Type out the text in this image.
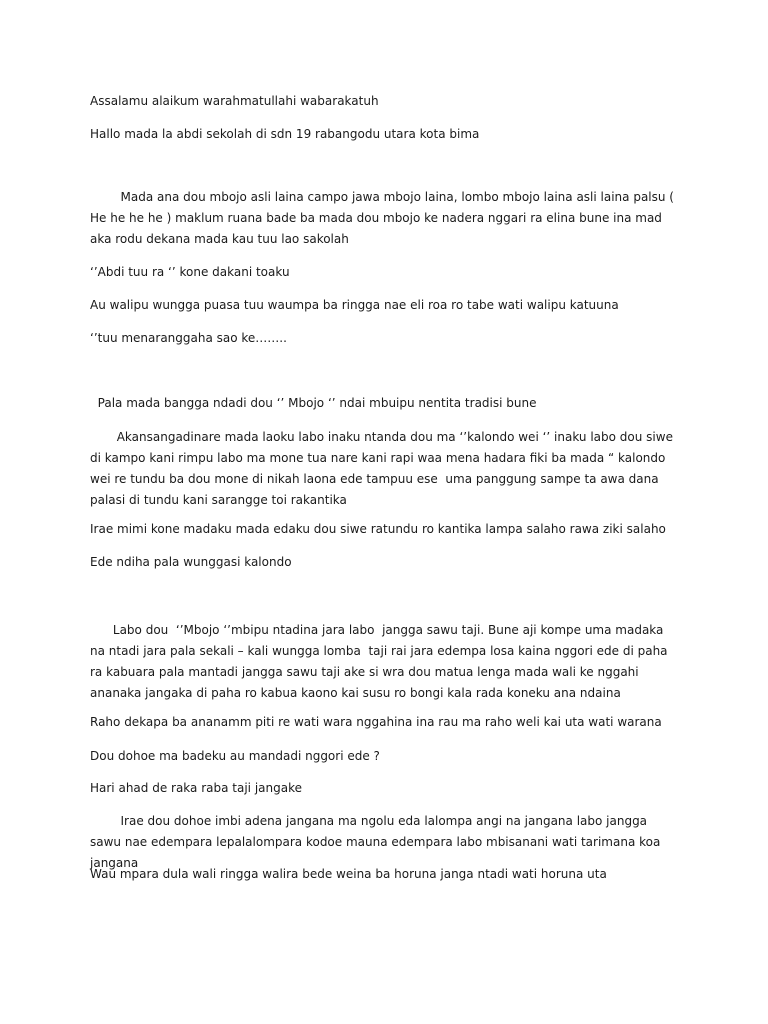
Assalamu alaikum warahmatullahi wabarakatuh

Hallo mada la abdi sekolah di sdn 19 rabangodu utara kota bima

Mada ana dou mbojo asli laina campo jawa mbojo laina, lombo mbojo laina asli laina palsu ( He he he he ) maklum ruana bade ba mada dou mbojo ke nadera nggari ra elina bune ina mad aka rodu dekana mada kau tuu lao sakolah

‘’Abdi tuu ra ‘’ kone dakani toaku

Au walipu wungga puasa tuu waumpa ba ringga nae eli roa ro tabe wati walipu katuuna

‘’tuu menaranggaha sao ke……..

Pala mada bangga ndadi dou ‘’ Mbojo ‘’ ndai mbuipu nentita tradisi bune

Akansangadinare mada laoku labo inaku ntanda dou ma ‘’kalondo wei ‘’ inaku labo dou siwe di kampo kani rimpu labo ma mone tua nare kani rapi waa mena hadara fiki ba mada “ kalondo wei re tundu ba dou mone di nikah laona ede tampuu ese  uma panggung sampe ta awa dana palasi di tundu kani sarangge toi rakantika

Irae mimi kone madaku mada edaku dou siwe ratundu ro kantika lampa salaho rawa ziki salaho

Ede ndiha pala wunggasi kalondo

Labo dou  ‘’Mbojo ‘’mbipu ntadina jara labo  jangga sawu taji. Bune aji kompe uma madaka  na ntadi jara pala sekali – kali wungga lomba  taji rai jara edempa losa kaina nggori ede di paha ra kabuara pala mantadi jangga sawu taji ake si wra dou matua lenga mada wali ke nggahi ananaka jangaka di paha ro kabua kaono kai susu ro bongi kala rada koneku ana ndaina

Raho dekapa ba ananamm piti re wati wara nggahina ina rau ma raho weli kai uta wati warana

Dou dohoe ma badeku au mandadi nggori ede ?

Hari ahad de raka raba taji jangake

Irae dou dohoe imbi adena jangana ma ngolu eda lalompa angi na jangana labo jangga sawu nae edempara lepalalompara kodoe mauna edempara labo mbisanani wati tarimana koa jangana

Wau mpara dula wali ringga walira bede weina ba horuna janga ntadi wati horuna uta
